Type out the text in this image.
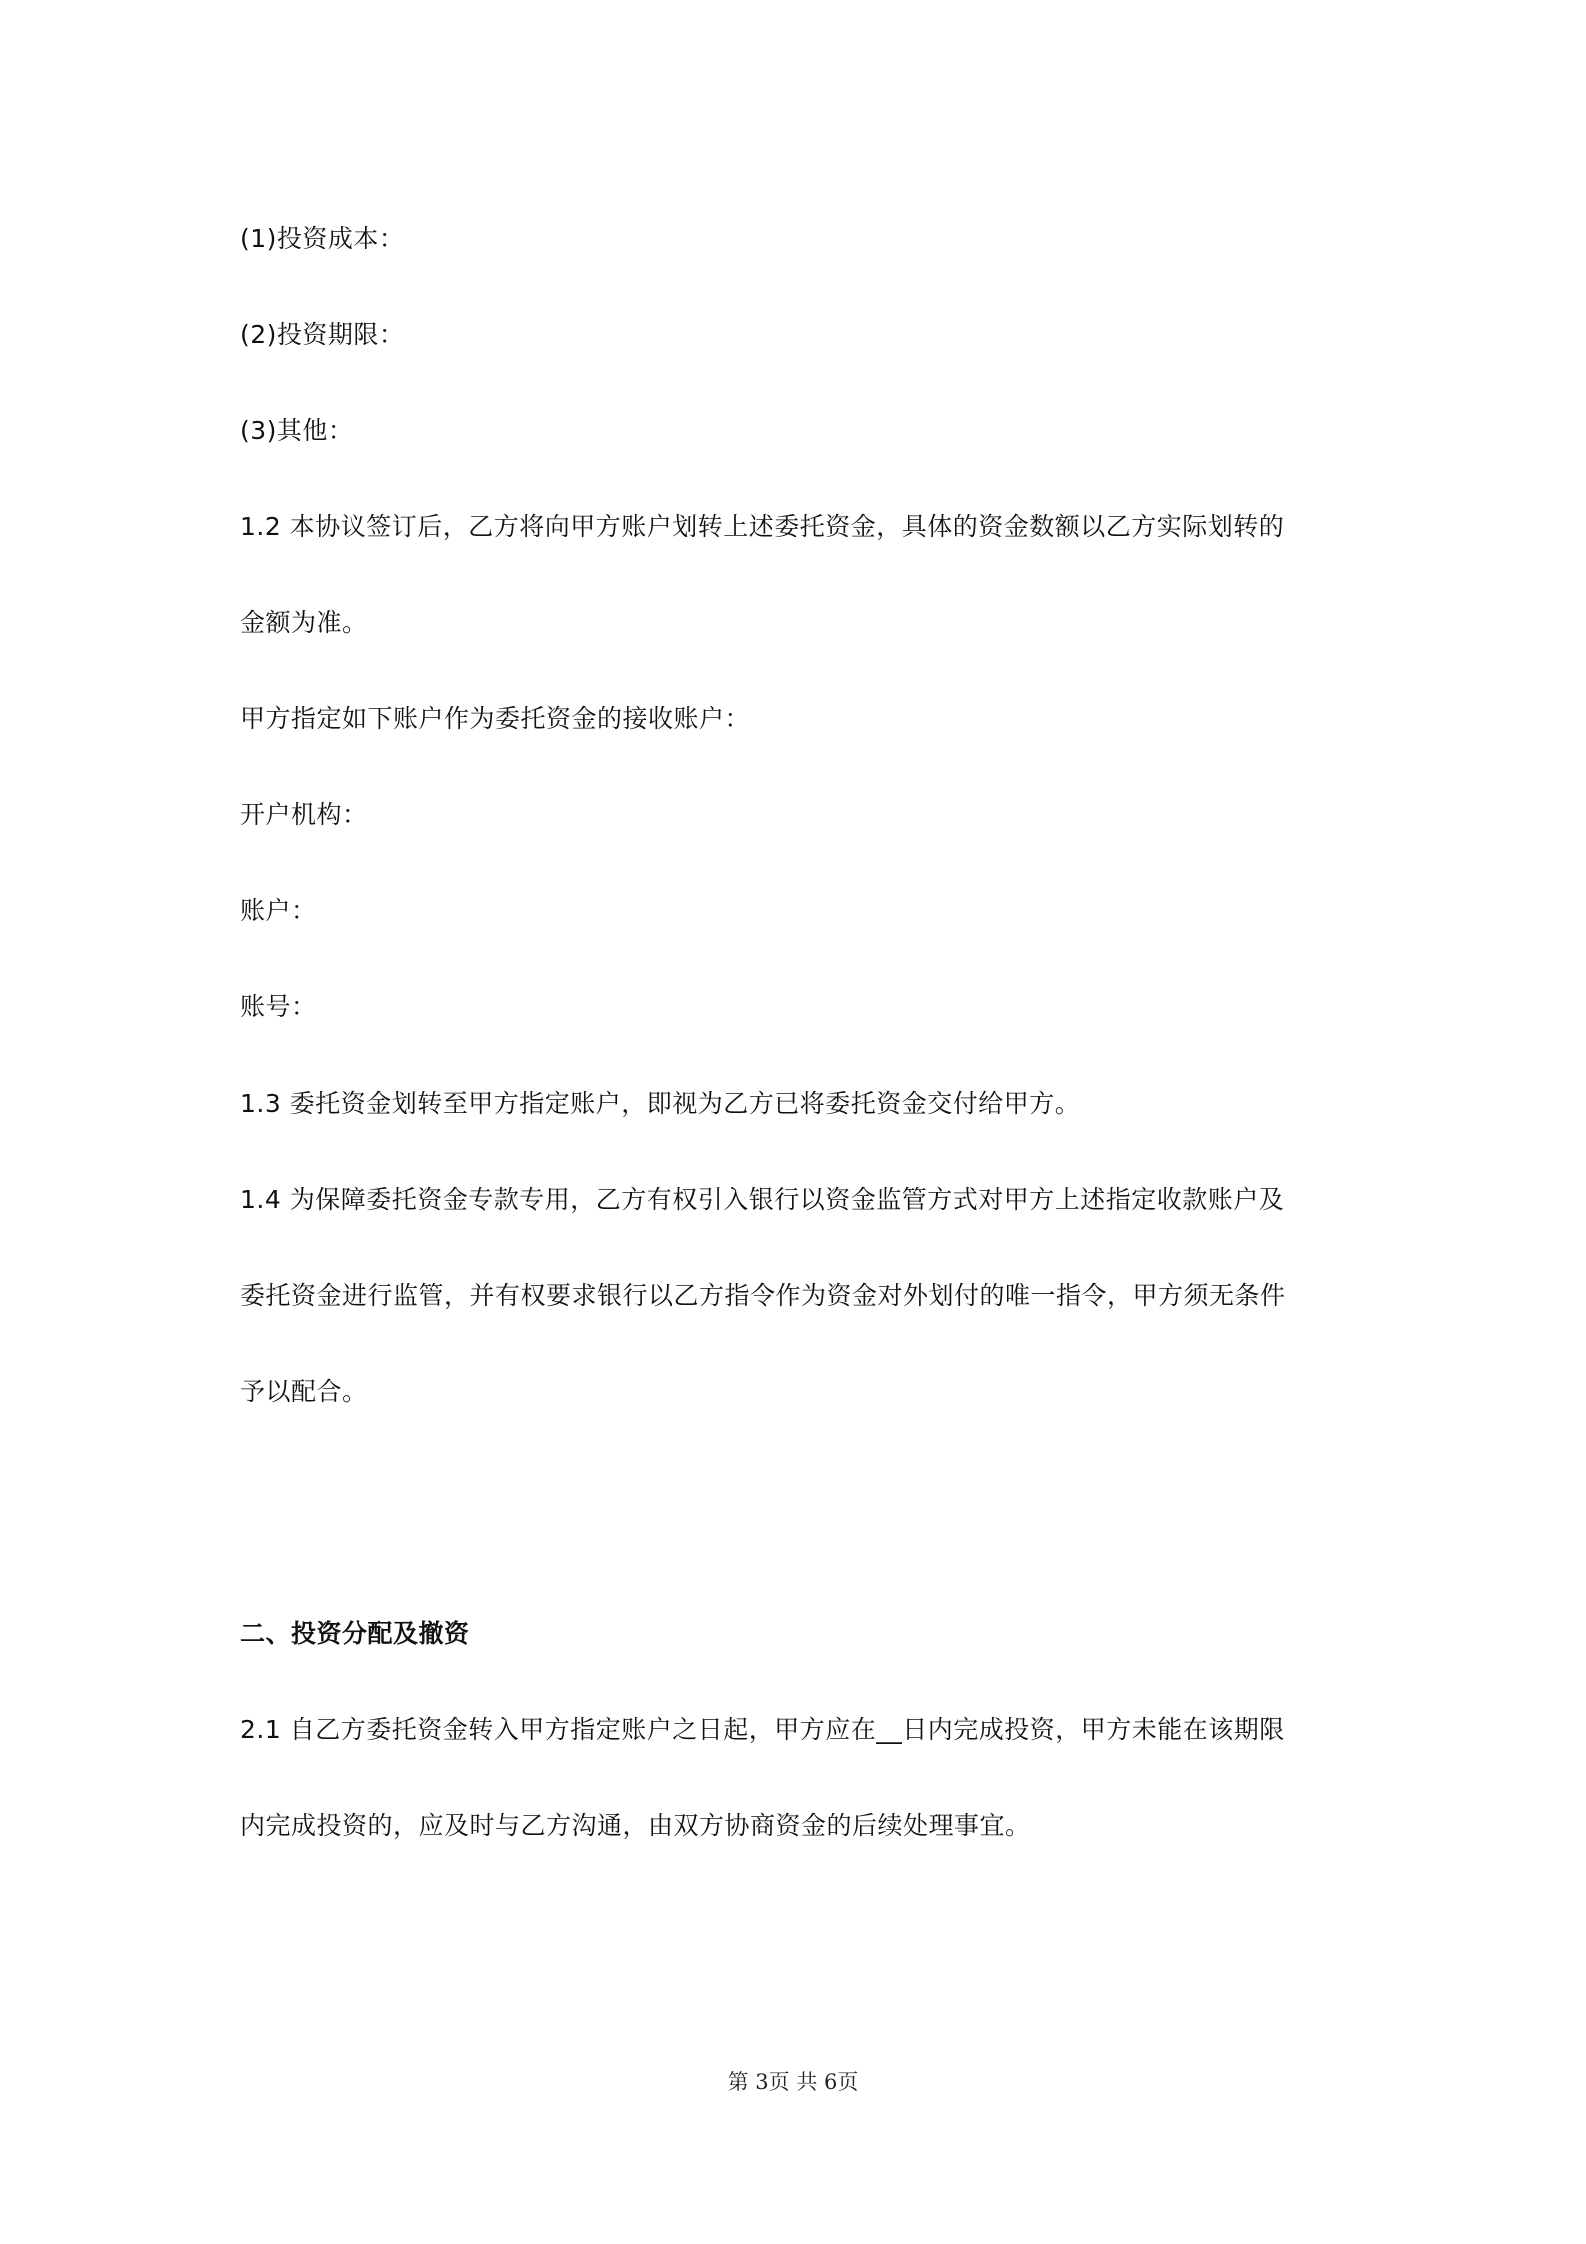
(1)投资成本：
(2)投资期限：
(3)其他：
1.2 本协议签订后，乙方将向甲方账户划转上述委托资金，具体的资金数额以乙方实际划转的
金额为准。
甲方指定如下账户作为委托资金的接收账户：
开户机构：
账户：
账号：
1.3 委托资金划转至甲方指定账户，即视为乙方已将委托资金交付给甲方。
1.4 为保障委托资金专款专用，乙方有权引入银行以资金监管方式对甲方上述指定收款账户及
委托资金进行监管，并有权要求银行以乙方指令作为资金对外划付的唯一指令，甲方须无条件
予以配合。
二、投资分配及撤资
2.1 自乙方委托资金转入甲方指定账户之日起，甲方应在__日内完成投资，甲方未能在该期限
内完成投资的，应及时与乙方沟通，由双方协商资金的后续处理事宜。
第 3页 共 6页
